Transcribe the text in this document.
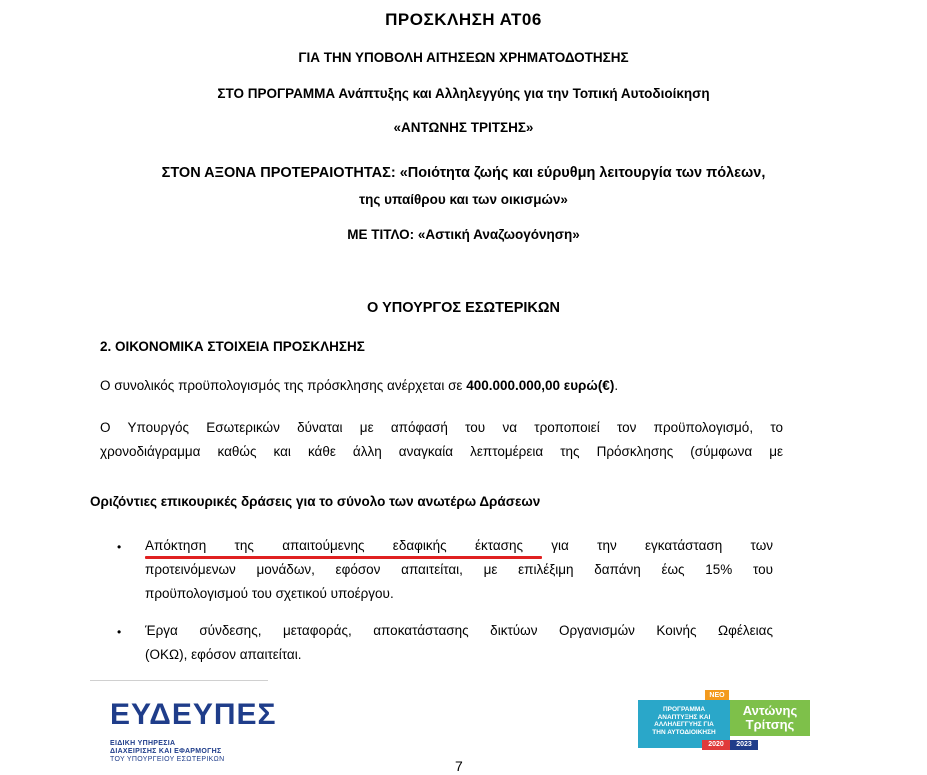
ΠΡΟΣΚΛΗΣΗ ΑΤ06
ΓΙΑ ΤΗΝ ΥΠΟΒΟΛΗ ΑΙΤΗΣΕΩΝ ΧΡΗΜΑΤΟΔΟΤΗΣΗΣ
ΣΤΟ ΠΡΟΓΡΑΜΜΑ Ανάπτυξης και Αλληλεγγύης για την Τοπική Αυτοδιοίκηση
«ΑΝΤΩΝΗΣ ΤΡΙΤΣΗΣ»
ΣΤΟΝ ΑΞΟΝΑ ΠΡΟΤΕΡΑΙΟΤΗΤΑΣ: «Ποιότητα ζωής και εύρυθμη λειτουργία των πόλεων,
της υπαίθρου και των οικισμών»
ΜΕ ΤΙΤΛΟ: «Αστική Αναζωογόνηση»
Ο ΥΠΟΥΡΓΟΣ ΕΣΩΤΕΡΙΚΩΝ
2. ΟΙΚΟΝΟΜΙΚΑ ΣΤΟΙΧΕΙΑ ΠΡΟΣΚΛΗΣΗΣ
Ο συνολικός προϋπολογισμός της πρόσκλησης ανέρχεται σε 400.000.000,00 ευρώ(€).
Ο Υπουργός Εσωτερικών δύναται με απόφασή του να τροποποιεί τον προϋπολογισμό, το
χρονοδιάγραμμα καθώς και κάθε άλλη αναγκαία λεπτομέρεια της Πρόσκλησης (σύμφωνα με
Οριζόντιες επικουρικές δράσεις για το σύνολο των ανωτέρω Δράσεων
• Απόκτηση της απαιτούμενης εδαφικής έκτασης για την εγκατάσταση των
προτεινόμενων μονάδων, εφόσον απαιτείται, με επιλέξιμη δαπάνη έως 15% του
προϋπολογισμού του σχετικού υποέργου.
• Έργα σύνδεσης, μεταφοράς, αποκατάστασης δικτύων Οργανισμών Κοινής Ωφέλειας
(ΟΚΩ), εφόσον απαιτείται.
ΕΥΔΕΥΠΕΣ
ΕΙΔΙΚΗ ΥΠΗΡΕΣΙΑ
ΔΙΑΧΕΙΡΙΣΗΣ ΚΑΙ ΕΦΑΡΜΟΓΗΣ
ΤΟΥ ΥΠΟΥΡΓΕΙΟΥ ΕΣΩΤΕΡΙΚΩΝ	7
ΝΕΟ
ΠΡΟΓΡΑΜΜΑ
ΑΝΑΠΤΥΞΗΣ ΚΑΙ
ΑΛΛΗΛΕΓΓΥΗΣ ΓΙΑ
ΤΗΝ ΑΥΤΟΔΙΟΙΚΗΣΗ
Αντώνης
Τρίτσης
2020	2023
